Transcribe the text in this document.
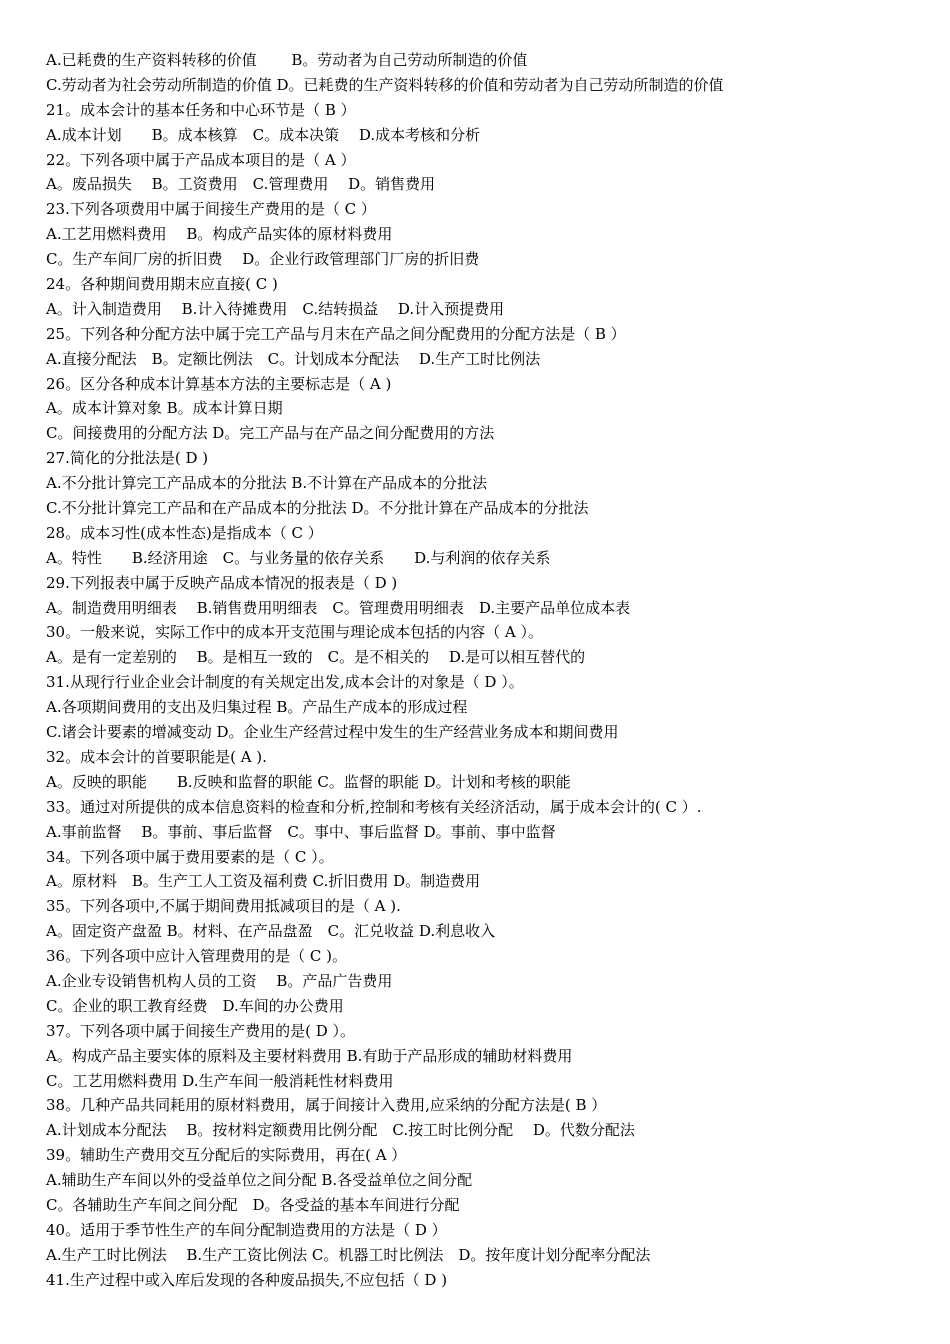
A.已耗费的生产资料转移的价值　　 B。劳动者为自己劳动所制造的价值
C.劳动者为社会劳动所制造的价值 D。已耗费的生产资料转移的价值和劳动者为自己劳动所制造的价值
21。成本会计的基本任务和中心环节是（ B ）
A.成本计划　　B。成本核算　C。成本决策　 D.成本考核和分析
22。下列各项中属于产品成本项目的是（ A ）
A。废品损失　 B。工资费用　C.管理费用　 D。销售费用
23.下列各项费用中属于间接生产费用的是（ C ）
A.工艺用燃料费用　 B。构成产品实体的原材料费用
C。生产车间厂房的折旧费　 D。企业行政管理部门厂房的折旧费
24。各种期间费用期末应直接( C )
A。计入制造费用　 B.计入待摊费用　C.结转损益　 D.计入预提费用
25。下列各种分配方法中属于完工产品与月末在产品之间分配费用的分配方法是（ B ）
A.直接分配法　B。定额比例法　C。计划成本分配法　 D.生产工时比例法
26。区分各种成本计算基本方法的主要标志是（ A )
A。成本计算对象 B。成本计算日期
C。间接费用的分配方法 D。完工产品与在产品之间分配费用的方法
27.简化的分批法是( D )
A.不分批计算完工产品成本的分批法 B.不计算在产品成本的分批法
C.不分批计算完工产品和在产品成本的分批法 D。不分批计算在产品成本的分批法
28。成本习性(成本性态)是指成本（ C ）
A。特性　　B.经济用途　C。与业务量的依存关系　　D.与利润的依存关系
29.下列报表中属于反映产品成本情况的报表是（ D )
A。制造费用明细表　 B.销售费用明细表　C。管理费用明细表　D.主要产品单位成本表
30。一般来说，实际工作中的成本开支范围与理论成本包括的内容（ A ）。
A。是有一定差别的　 B。是相互一致的　C。是不相关的　 D.是可以相互替代的
31.从现行行业企业会计制度的有关规定出发,成本会计的对象是（ D ）。
A.各项期间费用的支出及归集过程 B。产品生产成本的形成过程
C.诸会计要素的增减变动 D。企业生产经营过程中发生的生产经营业务成本和期间费用
32。成本会计的首要职能是( A ).
A。反映的职能　　B.反映和监督的职能 C。监督的职能 D。计划和考核的职能
33。通过对所提供的成本信息资料的检查和分析,控制和考核有关经济活动，属于成本会计的( C ）.
A.事前监督　 B。事前、事后监督　C。事中、事后监督 D。事前、事中监督
34。下列各项中属于费用要素的是（ C ）。
A。原材料　B。生产工人工资及福利费 C.折旧费用 D。制造费用
35。下列各项中,不属于期间费用抵减项目的是（ A ).
A。固定资产盘盈 B。材料、在产品盘盈　C。汇兑收益 D.利息收入
36。下列各项中应计入管理费用的是（ C )。
A.企业专设销售机构人员的工资　 B。产品广告费用
C。企业的职工教育经费　D.车间的办公费用
37。下列各项中属于间接生产费用的是( D ）。
A。构成产品主要实体的原料及主要材料费用 B.有助于产品形成的辅助材料费用
C。工艺用燃料费用 D.生产车间一般消耗性材料费用
38。几种产品共同耗用的原材料费用，属于间接计入费用,应采纳的分配方法是( B ）
A.计划成本分配法　 B。按材料定额费用比例分配　C.按工时比例分配　 D。代数分配法
39。辅助生产费用交互分配后的实际费用，再在( A ）
A.辅助生产车间以外的受益单位之间分配 B.各受益单位之间分配
C。各辅助生产车间之间分配　D。各受益的基本车间进行分配
40。适用于季节性生产的车间分配制造费用的方法是（ D ）
A.生产工时比例法　 B.生产工资比例法 C。机器工时比例法　D。按年度计划分配率分配法
41.生产过程中或入库后发现的各种废品损失,不应包括（ D )
